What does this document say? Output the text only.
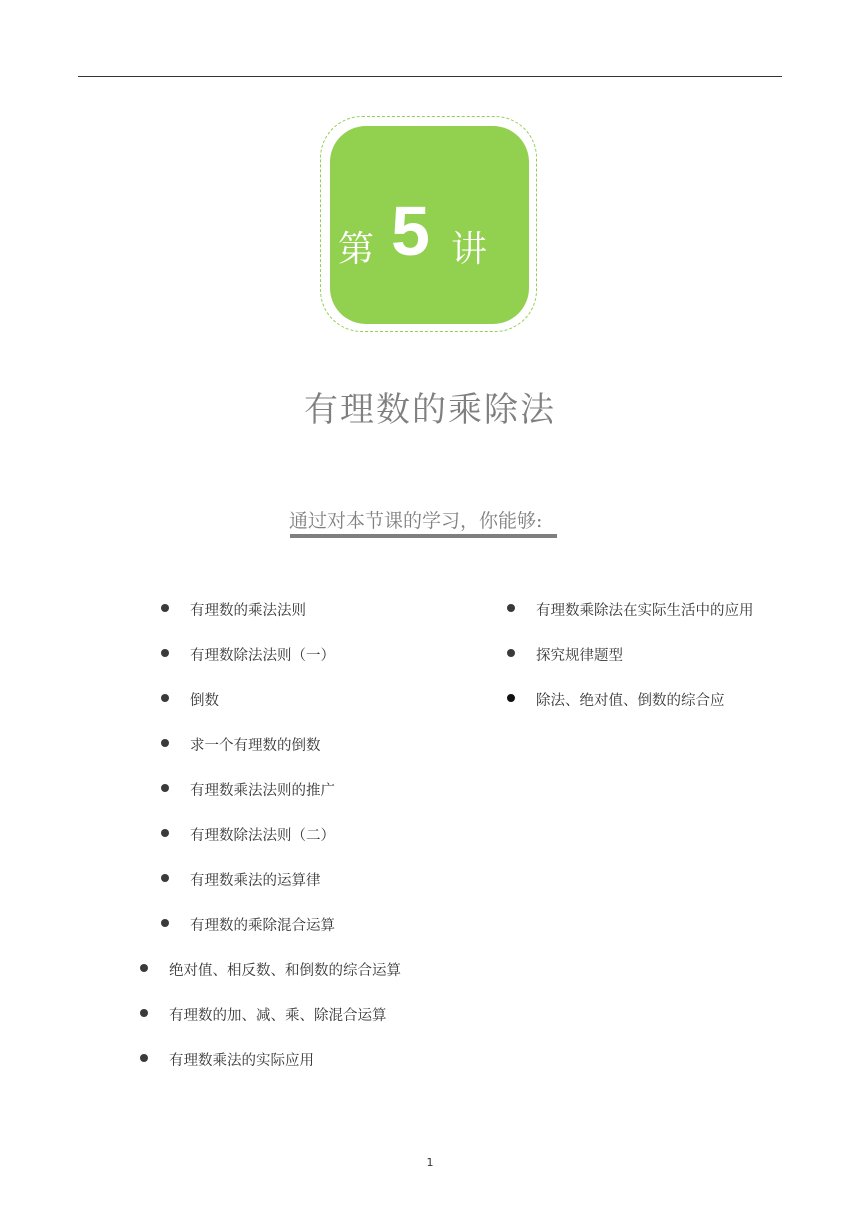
第 5 讲
有理数的乘除法
通过对本节课的学习，你能够:
有理数的乘法法则
有理数除法法则（一）
倒数
求一个有理数的倒数
有理数乘法法则的推广
有理数除法法则（二）
有理数乘法的运算律
有理数的乘除混合运算
绝对值、相反数、和倒数的综合运算
有理数的加、减、乘、除混合运算
有理数乘法的实际应用
有理数乘除法在实际生活中的应用
探究规律题型
除法、绝对值、倒数的综合应
1
